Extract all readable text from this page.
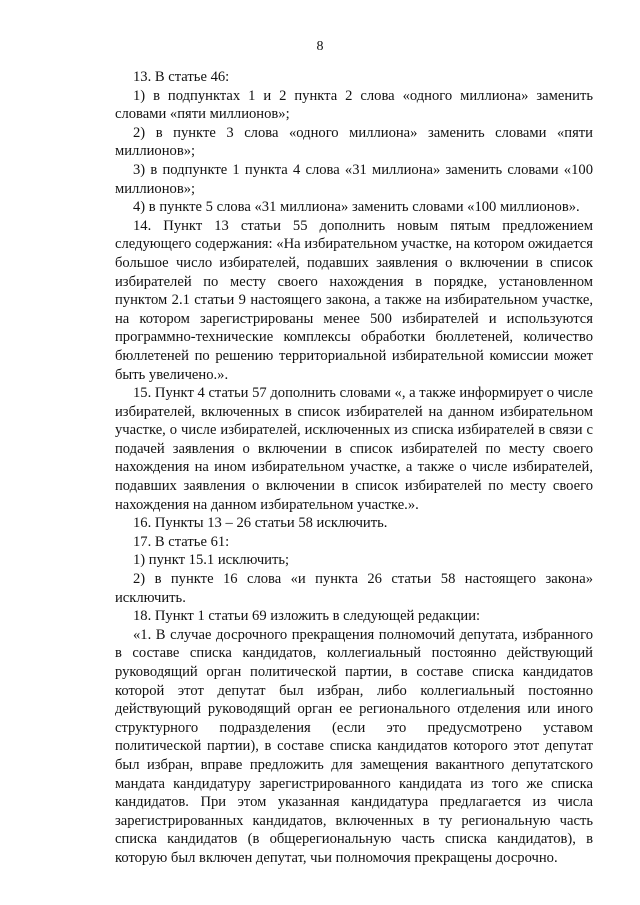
8

13. В статье 46:

1) в подпунктах 1 и 2 пункта 2 слова «одного миллиона» заменить словами «пяти миллионов»;

2) в пункте 3 слова «одного миллиона» заменить словами «пяти миллионов»;

3) в подпункте 1 пункта 4 слова «31 миллиона» заменить словами «100 миллионов»;

4) в пункте 5 слова «31 миллиона» заменить словами «100 миллионов».

14. Пункт 13 статьи 55 дополнить новым пятым предложением следующего содержания: «На избирательном участке, на котором ожидается большое число избирателей, подавших заявления о включении в список избирателей по месту своего нахождения в порядке, установленном пунктом 2.1 статьи 9 настоящего закона, а также на избирательном участке, на котором зарегистрированы менее 500 избирателей и используются программно-технические комплексы обработки бюллетеней, количество бюллетеней по решению территориальной избирательной комиссии может быть увеличено.».

15. Пункт 4 статьи 57 дополнить словами «, а также информирует о числе избирателей, включенных в список избирателей на данном избирательном участке, о числе избирателей, исключенных из списка избирателей в связи с подачей заявления о включении в список избирателей по месту своего нахождения на ином избирательном участке, а также о числе избирателей, подавших заявления о включении в список избирателей по месту своего нахождения на данном избирательном участке.».

16. Пункты 13 – 26 статьи 58 исключить.

17. В статье 61:

1) пункт 15.1 исключить;

2) в пункте 16 слова «и пункта 26 статьи 58 настоящего закона» исключить.

18. Пункт 1 статьи 69 изложить в следующей редакции:

«1. В случае досрочного прекращения полномочий депутата, избранного в составе списка кандидатов, коллегиальный постоянно действующий руководящий орган политической партии, в составе списка кандидатов которой этот депутат был избран, либо коллегиальный постоянно действующий руководящий орган ее регионального отделения или иного структурного подразделения (если это предусмотрено уставом политической партии), в составе списка кандидатов которого этот депутат был избран, вправе предложить для замещения вакантного депутатского мандата кандидатуру зарегистрированного кандидата из того же списка кандидатов. При этом указанная кандидатура предлагается из числа зарегистрированных кандидатов, включенных в ту региональную часть списка кандидатов (в общерегиональную часть списка кандидатов), в которую был включен депутат, чьи полномочия прекращены досрочно.
